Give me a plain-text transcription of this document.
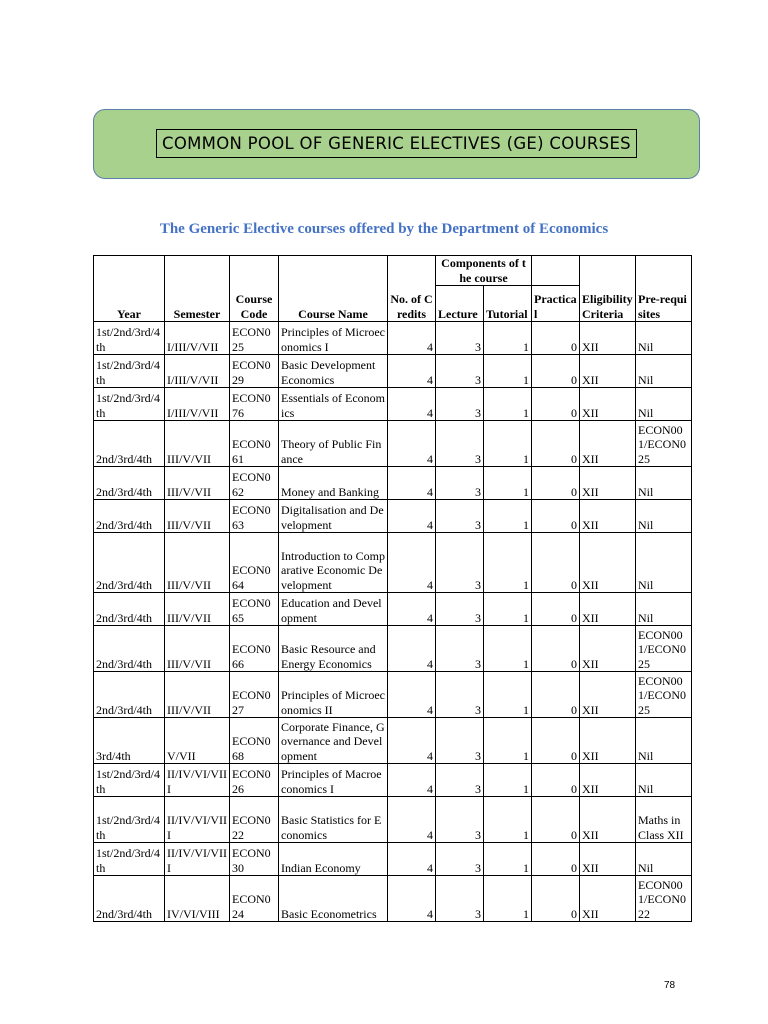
COMMON POOL OF GENERIC ELECTIVES (GE) COURSES
The Generic Elective courses offered by the Department of Economics
Year	Semester	Course Code	Course Name	No. of Credits	Components of the course			Eligibility Criteria	Pre-requisites
					Lecture	Tutorial	Practical		
1st/2nd/3rd/4th	I/III/V/VII	ECON025	Principles of Microeconomics I	4	3	1	0	XII	Nil
1st/2nd/3rd/4th	I/III/V/VII	ECON029	Basic Development Economics	4	3	1	0	XII	Nil
1st/2nd/3rd/4th	I/III/V/VII	ECON076	Essentials of Economics	4	3	1	0	XII	Nil
2nd/3rd/4th	III/V/VII	ECON061	Theory of Public Finance	4	3	1	0	XII	ECON001/ECON025
2nd/3rd/4th	III/V/VII	ECON062	Money and Banking	4	3	1	0	XII	Nil
2nd/3rd/4th	III/V/VII	ECON063	Digitalisation and Development	4	3	1	0	XII	Nil
2nd/3rd/4th	III/V/VII	ECON064	Introduction to Comparative Economic Development	4	3	1	0	XII	Nil
2nd/3rd/4th	III/V/VII	ECON065	Education and Development	4	3	1	0	XII	Nil
2nd/3rd/4th	III/V/VII	ECON066	Basic Resource and Energy Economics	4	3	1	0	XII	ECON001/ECON025
2nd/3rd/4th	III/V/VII	ECON027	Principles of Microeconomics II	4	3	1	0	XII	ECON001/ECON025
3rd/4th	V/VII	ECON068	Corporate Finance, Governance and Development	4	3	1	0	XII	Nil
1st/2nd/3rd/4th	II/IV/VI/VIII	ECON026	Principles of Macroeconomics I	4	3	1	0	XII	Nil
1st/2nd/3rd/4th	II/IV/VI/VIII	ECON022	Basic Statistics for Economics	4	3	1	0	XII	Maths in Class XII
1st/2nd/3rd/4th	II/IV/VI/VIII	ECON030	Indian Economy	4	3	1	0	XII	Nil
2nd/3rd/4th	IV/VI/VIII	ECON024	Basic Econometrics	4	3	1	0	XII	ECON001/ECON022
78
